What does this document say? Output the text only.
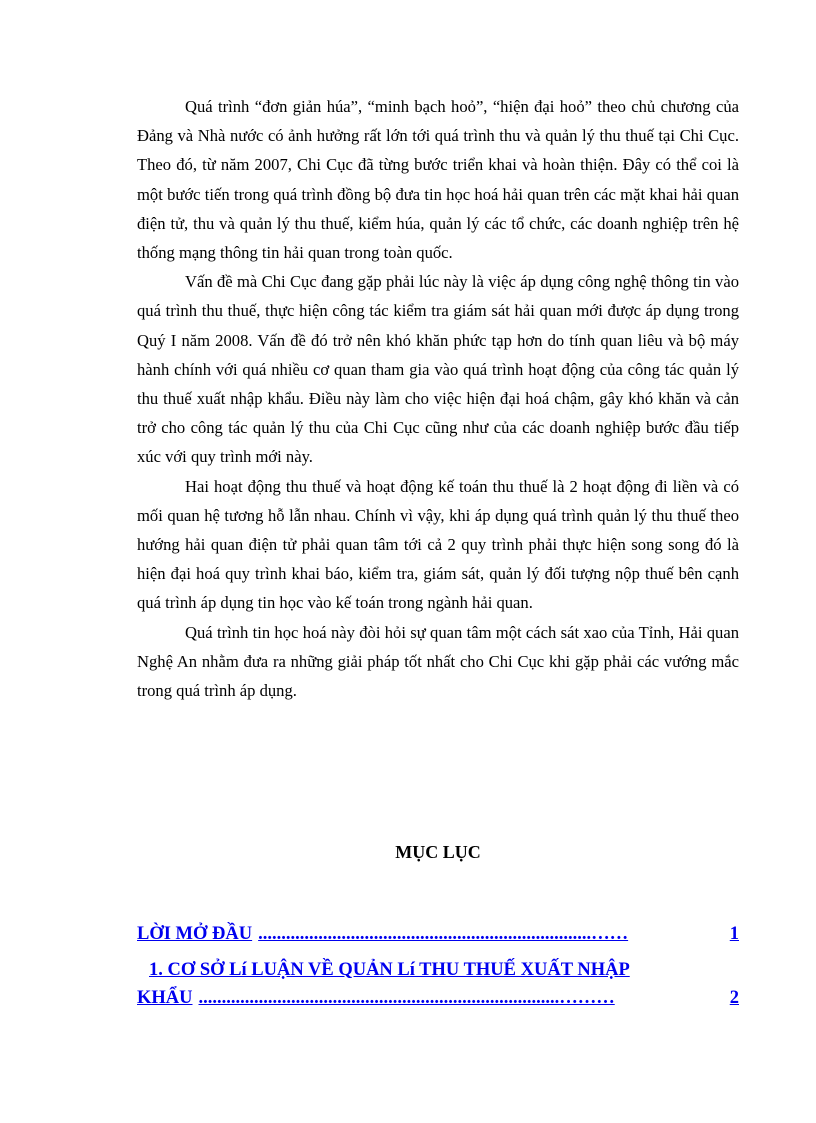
Quá trình “đơn giản húa”, “minh bạch hoỏ”, “hiện đại hoỏ” theo chủ chương của Đảng và Nhà nước có ảnh hưởng rất lớn tới quá trình thu và quản lý thu thuế tại Chi Cục. Theo đó, từ năm 2007, Chi Cục đã từng bước triển khai và hoàn thiện. Đây có thể coi là một bước tiến trong quá trình đồng bộ đưa tin học hoá hải quan trên các mặt khai hải quan điện tử, thu và quản lý thu thuế, kiểm húa, quản lý các tổ chức, các doanh nghiệp trên hệ thống mạng thông tin hải quan trong toàn quốc.

Vấn đề mà Chi Cục đang gặp phải lúc này là việc áp dụng công nghệ thông tin vào quá trình thu thuế, thực hiện công tác kiểm tra giám sát hải quan mới được áp dụng trong Quý I năm 2008. Vấn đề đó trở nên khó khăn phức tạp hơn do tính quan liêu và bộ máy hành chính với quá nhiều cơ quan tham gia vào quá trình hoạt động của công tác quản lý thu thuế xuất nhập khẩu. Điều này làm cho việc hiện đại hoá chậm, gây khó khăn và cản trở cho công tác quản lý thu của Chi Cục cũng như của các doanh nghiệp bước đầu tiếp xúc với quy trình mới này.

Hai hoạt động thu thuế và hoạt động kế toán thu thuế là 2 hoạt động đi liền và có mối quan hệ tương hỗ lẫn nhau. Chính vì vậy, khi áp dụng quá trình quản lý thu thuế theo hướng hải quan điện tử phải quan tâm tới cả 2 quy trình phải thực hiện song song đó là hiện đại hoá quy trình khai báo, kiểm tra, giám sát, quản lý đối tượng nộp thuế bên cạnh quá trình áp dụng tin học vào kế toán trong ngành hải quan.

Quá trình tin học hoá này đòi hỏi sự quan tâm một cách sát xao của Tỉnh, Hải quan Nghệ An nhằm đưa ra những giải pháp tốt nhất cho Chi Cục khi gặp phải các vướng mắc trong quá trình áp dụng.

MỤC LỤC
LỜI MỞ ĐẦU ........................................................................……	1
1. CƠ SỞ Lí LUẬN VỀ QUẢN Lí THU THUẾ XUẤT NHẬP
KHẨU ..............................................................................………	2
